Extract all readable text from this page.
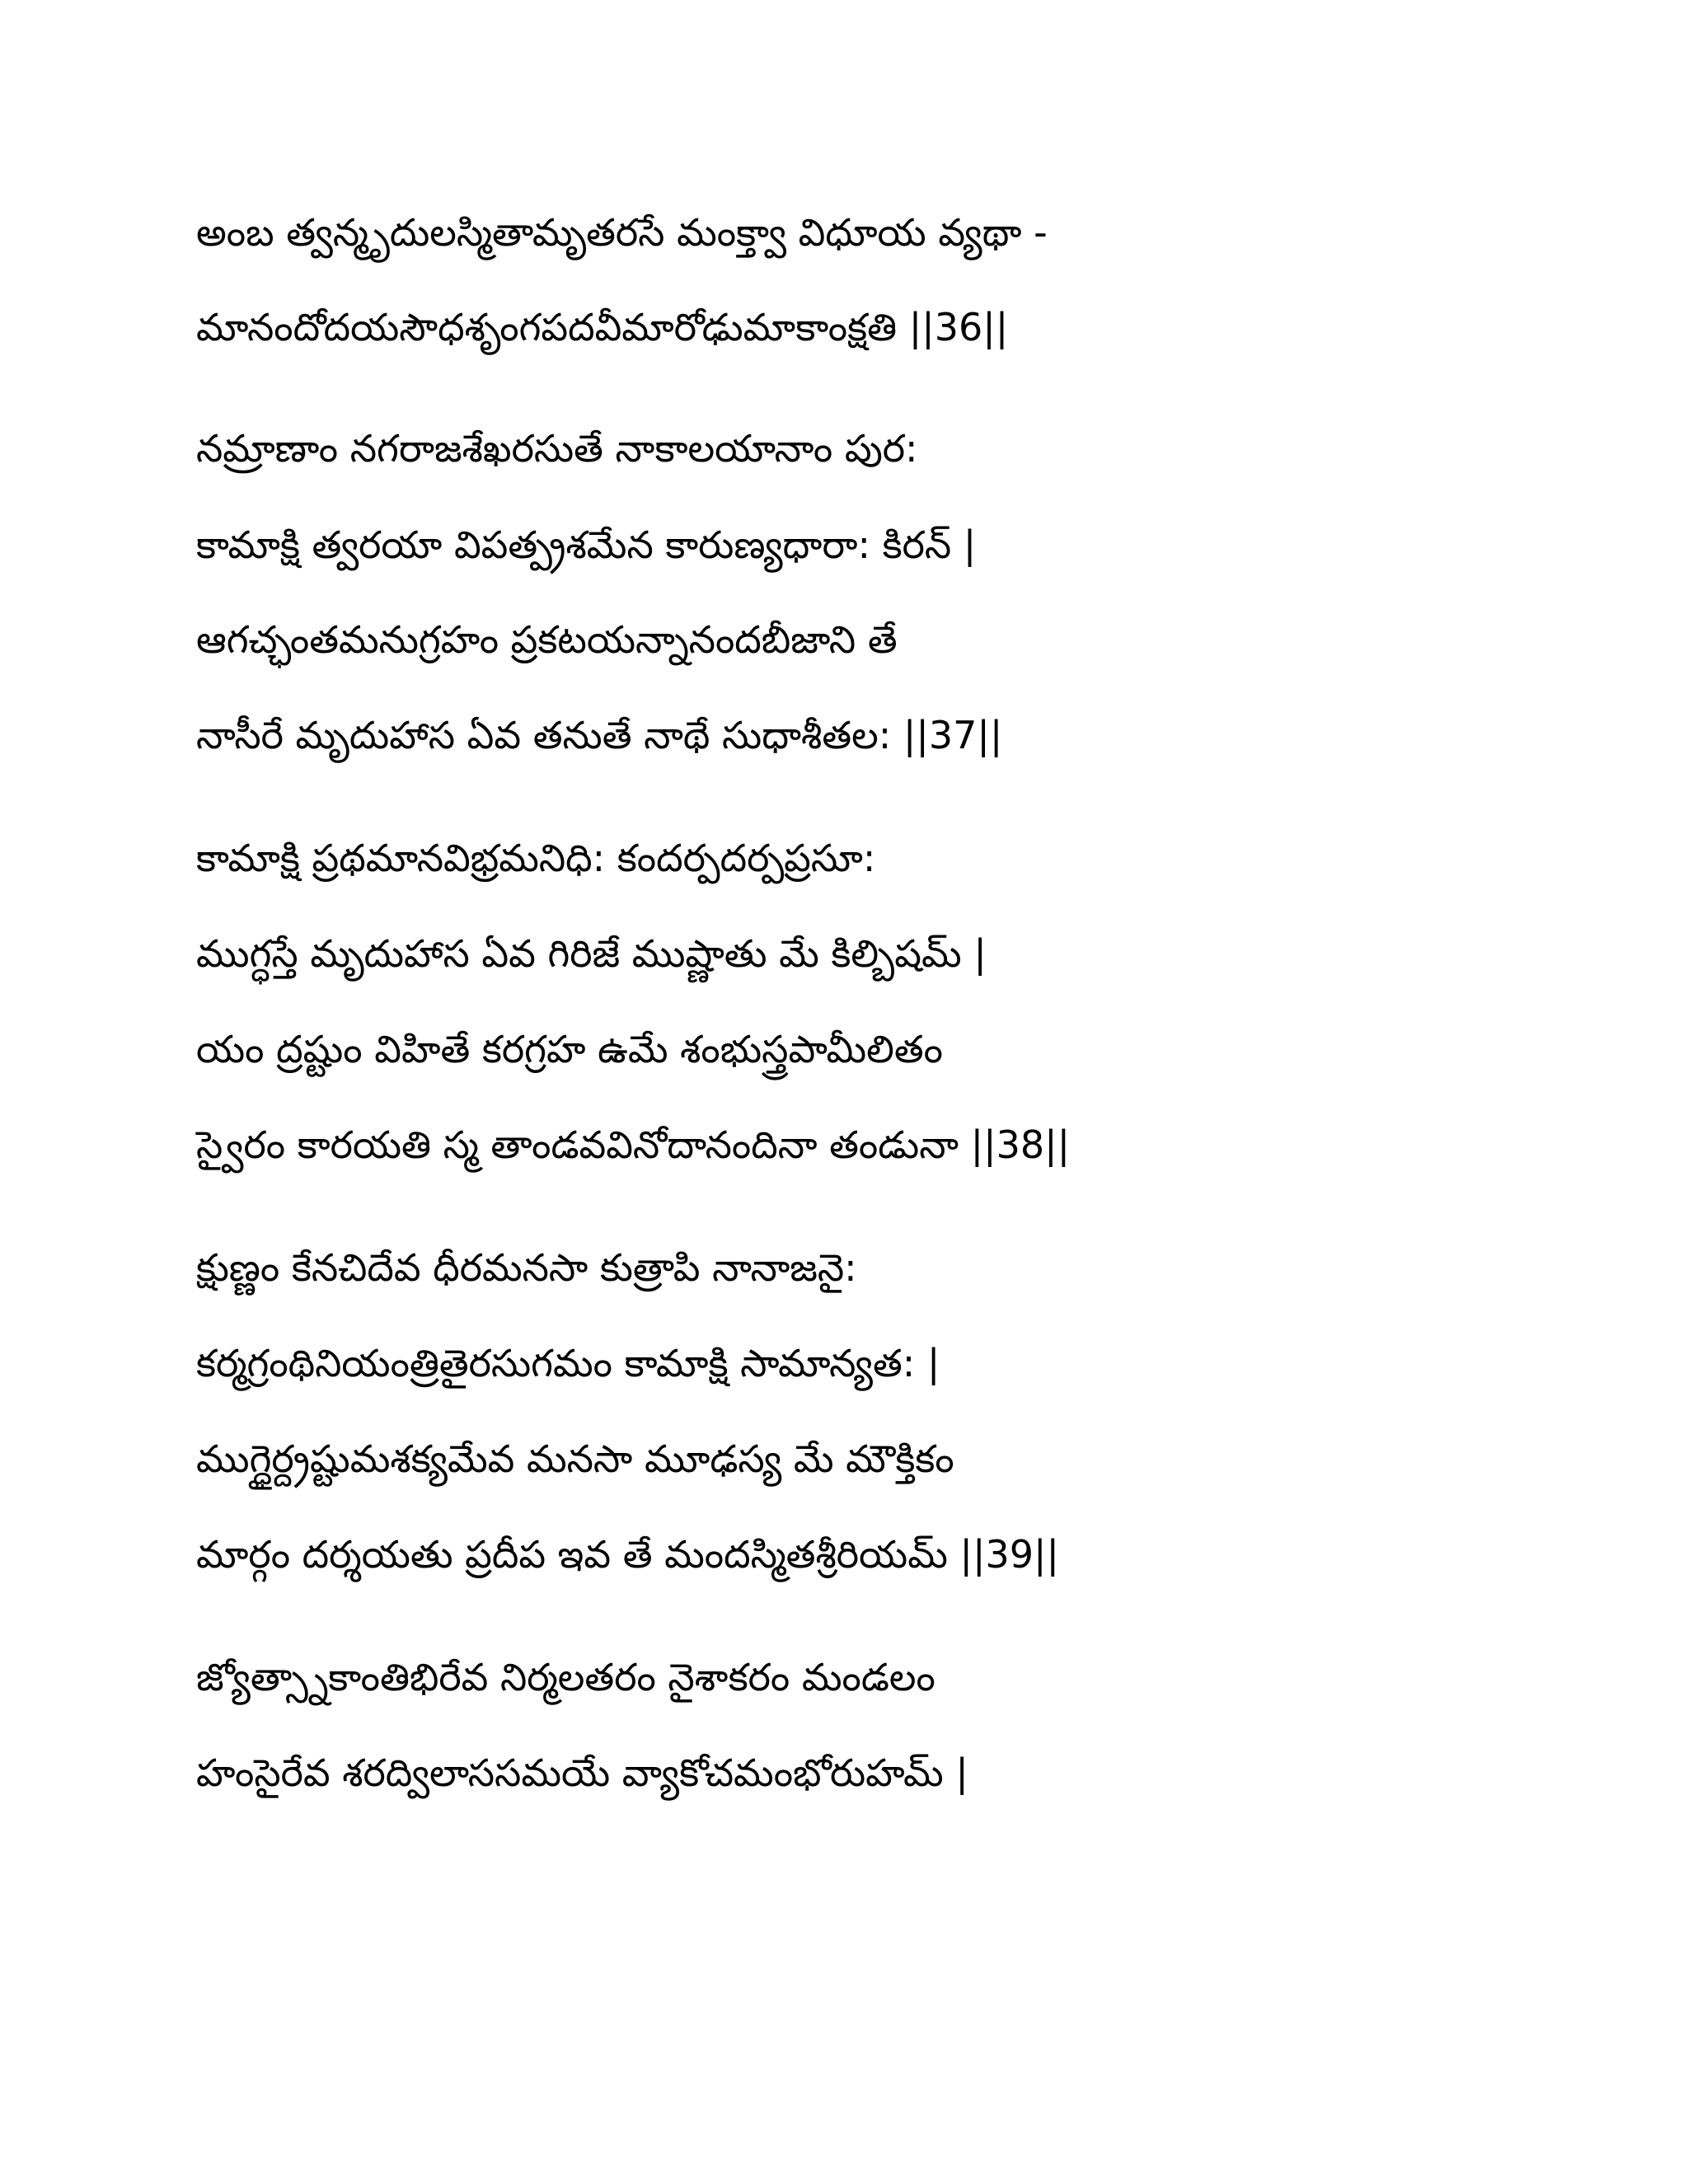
అంబ త్వన్మృదులస్మితామృతరసే మంక్త్వా విధూయ వ్యథా -
మానందోదయసౌధశృంగపదవీమారోఢుమాకాంక్షతి ||36||
నమ్రాణాం నగరాజశేఖరసుతే నాకాలయానాం పుర:
కామాక్షి త్వరయా విపత్ప్రశమేన కారుణ్యధారా: కిరన్ |
ఆగచ్ఛంతమనుగ్రహం ప్రకటయన్నానందబీజాని తే
నాసీరే మృదుహాస ఏవ తనుతే నాథే సుధాశీతల: ||37||
కామాక్షి ప్రథమానవిభ్రమనిధి: కందర్పదర్పప్రసూ:
ముగ్ధస్తే మృదుహాస ఏవ గిరిజే ముష్ణాతు మే కిల్బిషమ్ |
యం ద్రష్టుం విహితే కరగ్రహ ఉమే శంభుస్త్రపామీలితం
స్వైరం కారయతి స్మ తాండవవినోదానందినా తండునా ||38||
క్షుణ్ణం కేనచిదేవ ధీరమనసా కుత్రాపి నానాజనై:
కర్మగ్రంథినియంత్రితైరసుగమం కామాక్షి సామాన్యత: |
ముగ్ధైర్ద్రష్టుమశక్యమేవ మనసా మూఢస్య మే మౌక్తికం
మార్గం దర్శయతు ప్రదీప ఇవ తే మందస్మితశ్రీరియమ్ ||39||
జ్యోత్స్నాకాంతిభిరేవ నిర్మలతరం నైశాకరం మండలం
హంసైరేవ శరద్విలాససమయే వ్యాకోచమంభోరుహమ్ |
